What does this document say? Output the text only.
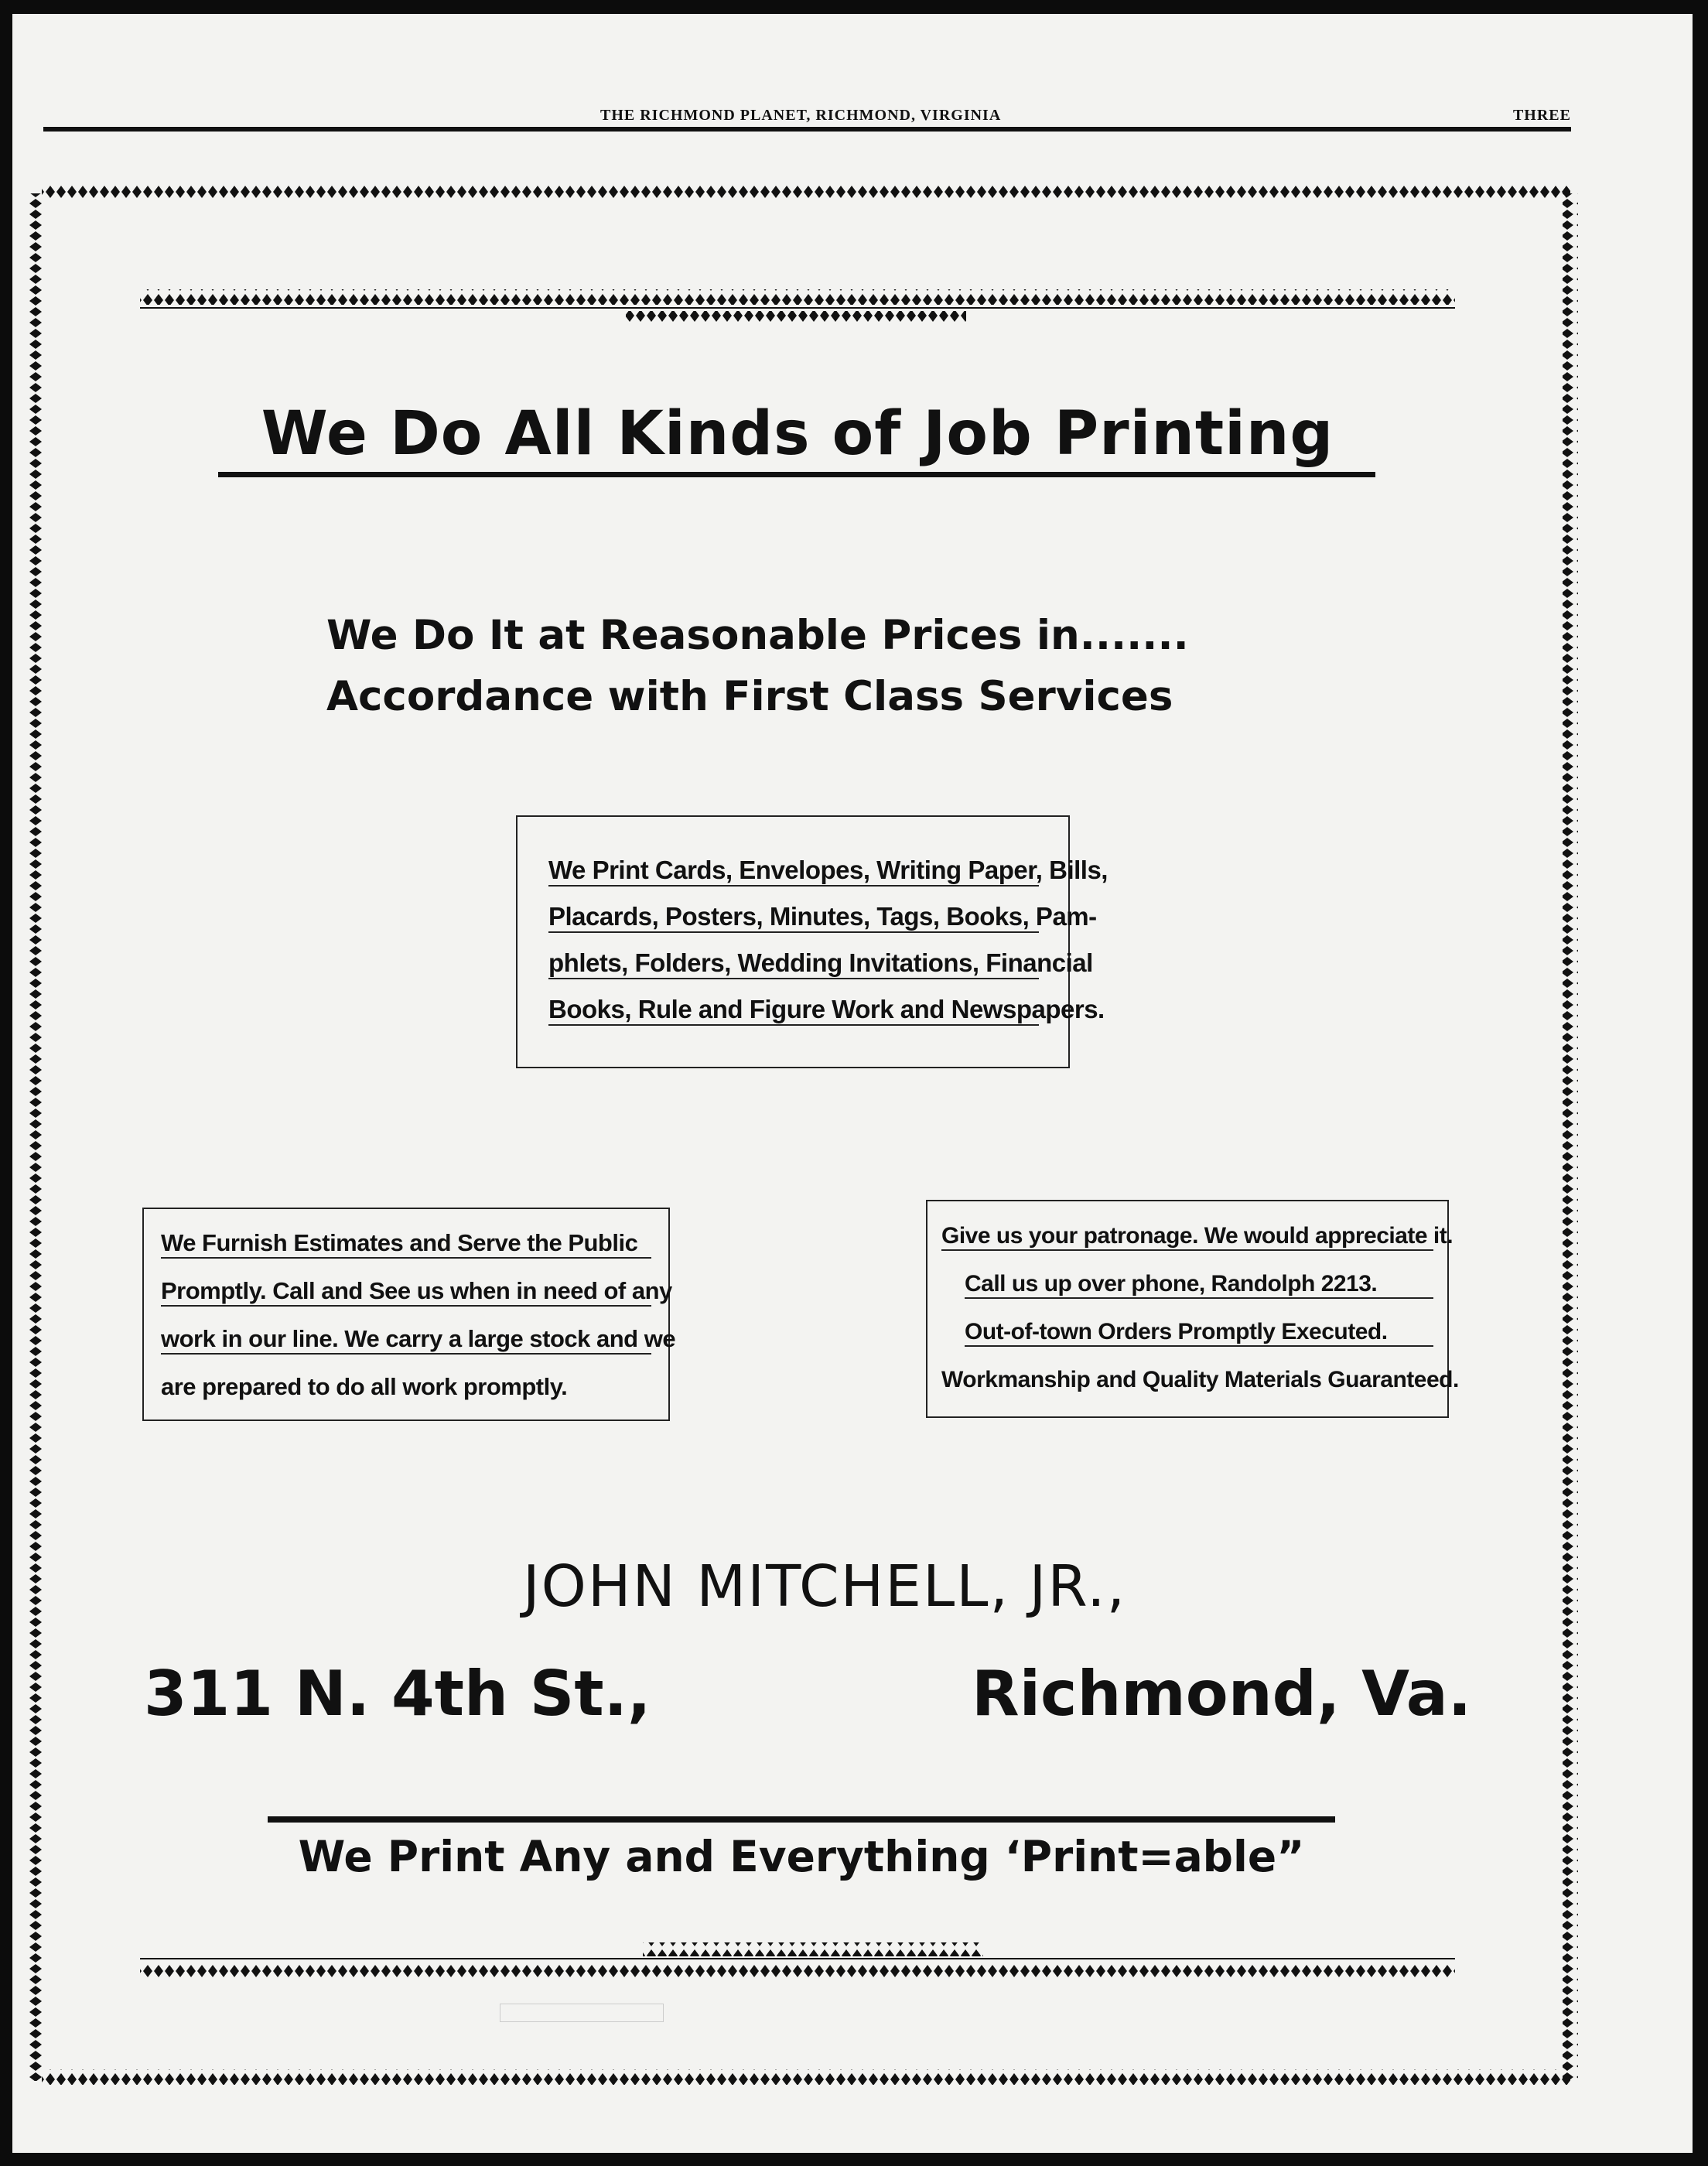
THE RICHMOND PLANET, RICHMOND, VIRGINIA	THREE
We Do All Kinds of Job Printing
We Do It at Reasonable Prices in.......
Accordance with First Class Services
We Print Cards, Envelopes, Writing Paper, Bills,
Placards, Posters, Minutes, Tags, Books, Pam-
phlets, Folders, Wedding Invitations, Financial
Books, Rule and Figure Work and Newspapers.
We Furnish Estimates and Serve the Public
Promptly. Call and See us when in need of any
work in our line. We carry a large stock and we
are prepared to do all work promptly.
Give us your patronage. We would appreciate it.
Call us up over phone, Randolph 2213.
Out-of-town Orders Promptly Executed.
Workmanship and Quality Materials Guaranteed.
JOHN MITCHELL, JR.,
311 N. 4th St.,	Richmond, Va.
We Print Any and Everything ‘Print=able”
